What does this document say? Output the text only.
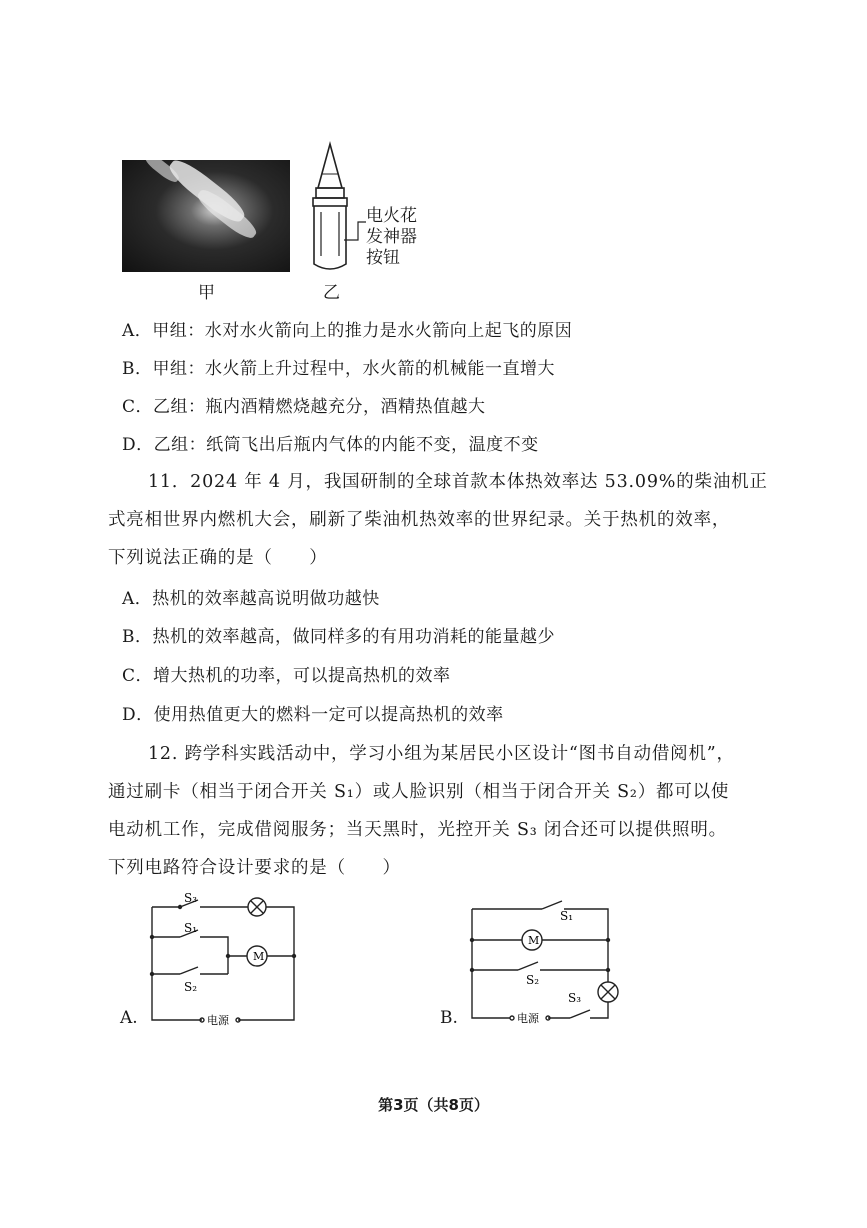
电火花
发神器
按钮
甲	乙
A．甲组：水对水火箭向上的推力是水火箭向上起飞的原因
B．甲组：水火箭上升过程中，水火箭的机械能一直增大
C．乙组：瓶内酒精燃烧越充分，酒精热值越大
D．乙组：纸筒飞出后瓶内气体的内能不变，温度不变
11．2024 年 4 月，我国研制的全球首款本体热效率达 53.09%的柴油机正
式亮相世界内燃机大会，刷新了柴油机热效率的世界纪录。关于热机的效率，
下列说法正确的是（　　）
A．热机的效率越高说明做功越快
B．热机的效率越高，做同样多的有用功消耗的能量越少
C．增大热机的功率，可以提高热机的效率
D．使用热值更大的燃料一定可以提高热机的效率
12. 跨学科实践活动中，学习小组为某居民小区设计“图书自动借阅机”，
通过刷卡（相当于闭合开关 S₁）或人脸识别（相当于闭合开关 S₂）都可以使
电动机工作，完成借阅服务；当天黑时，光控开关 S₃ 闭合还可以提供照明。
下列电路符合设计要求的是（　　）
A.
S₃
S₁
S₂
M
电源	B.
S₁
S₂
S₃
M
电源
第3页（共8页）
